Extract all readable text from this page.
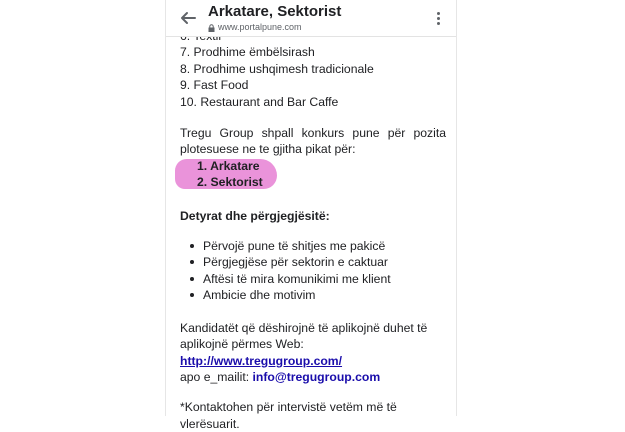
7. Prodhime ëmbëlsirash
8. Prodhime ushqimesh tradicionale
9. Fast Food
10. Restaurant and Bar Caffe
Tregu Group shpall konkurs pune për pozita plotesuese ne te gjitha pikat për:
1. Arkatare
2. Sektorist
Detyrat dhe përgjegjësitë:
Përvojë pune të shitjes me pakicë
Përgjegjëse për sektorin e caktuar
Aftësi të mira komunikimi me klient
Ambicie dhe motivim
Kandidatët që dëshirojnë të aplikojnë duhet të
aplikojnë përmes Web: http://www.tregugroup.com/
apo e_mailit: info@tregugroup.com
*Kontaktohen për intervistë vetëm më të vlerësuarit.
Arkatare, Sektorist
www.portalpune.com
